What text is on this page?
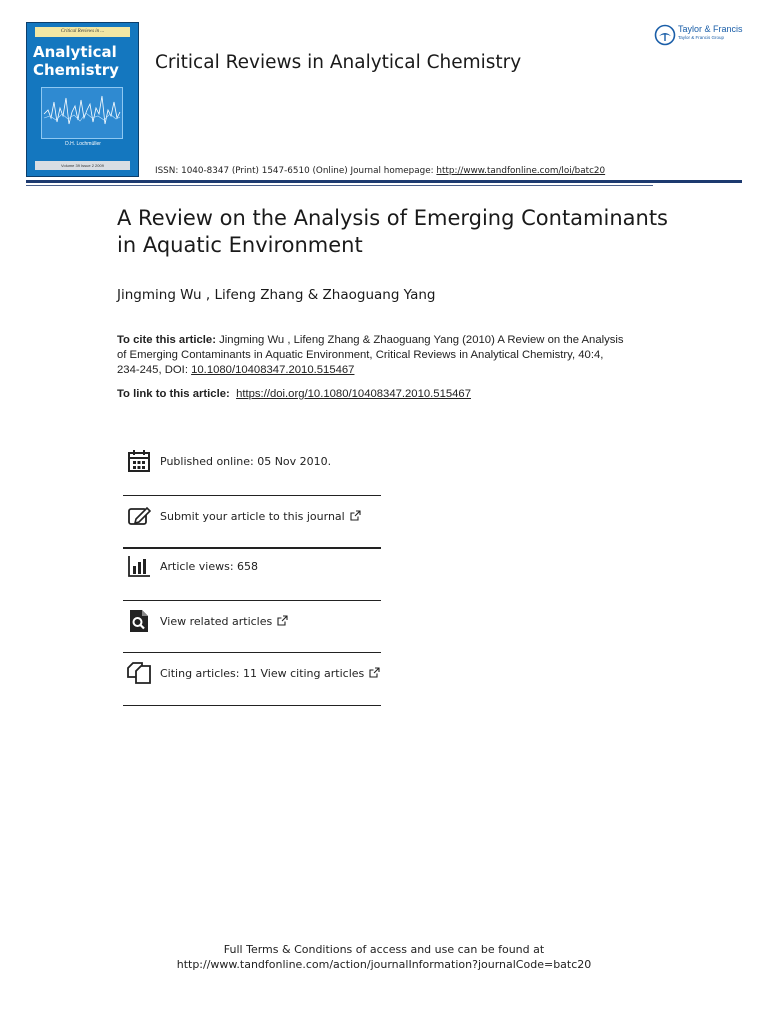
Critical Reviews in ...
Analytical Chemistry
D.H. Lochmüller
Volume 39 Issue 2 2009
Critical Reviews in Analytical Chemistry
ISSN: 1040-8347 (Print) 1547-6510 (Online) Journal homepage: http://www.tandfonline.com/loi/batc20
Taylor & Francis
Taylor & Francis Group
A Review on the Analysis of Emerging Contaminants in Aquatic Environment
Jingming Wu , Lifeng Zhang & Zhaoguang Yang
To cite this article: Jingming Wu , Lifeng Zhang & Zhaoguang Yang (2010) A Review on the Analysis of Emerging Contaminants in Aquatic Environment, Critical Reviews in Analytical Chemistry, 40:4, 234-245, DOI: 10.1080/10408347.2010.515467
To link to this article: https://doi.org/10.1080/10408347.2010.515467
Published online: 05 Nov 2010.
Submit your article to this journal
Article views: 658
View related articles
Citing articles: 11 View citing articles
Full Terms & Conditions of access and use can be found at
http://www.tandfonline.com/action/journalInformation?journalCode=batc20
